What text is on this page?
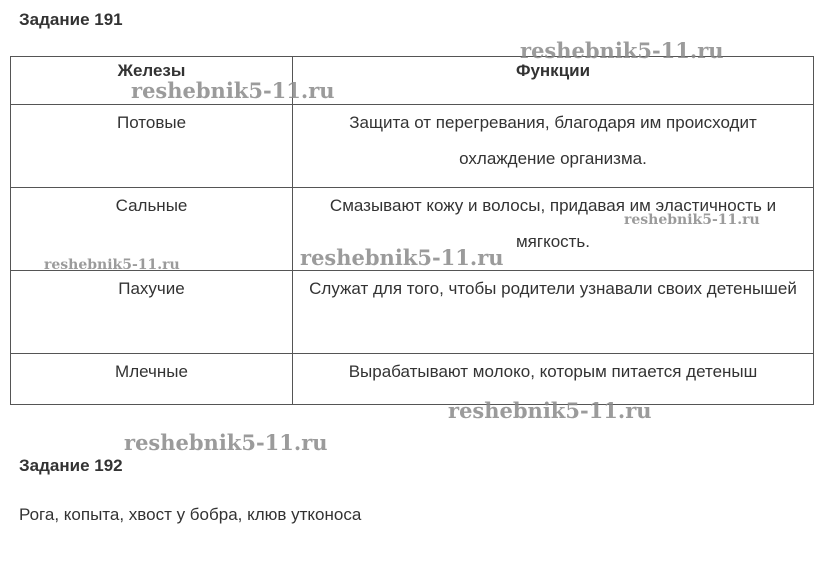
Задание 191
Железы	Функции
Потовые	Защита от перегревания, благодаря им происходит охлаждение организма.
Сальные	Смазывают кожу и волосы, придавая им эластичность и мягкость.
Пахучие	Служат для того, чтобы родители узнавали своих детенышей
Млечные	Вырабатывают молоко, которым питается детеныш
Задание 192
Рога, копыта, хвост у бобра, клюв утконоса
reshebnik5-11.ru
reshebnik5-11.ru
reshebnik5-11.ru
reshebnik5-11.ru
reshebnik5-11.ru
reshebnik5-11.ru
reshebnik5-11.ru
